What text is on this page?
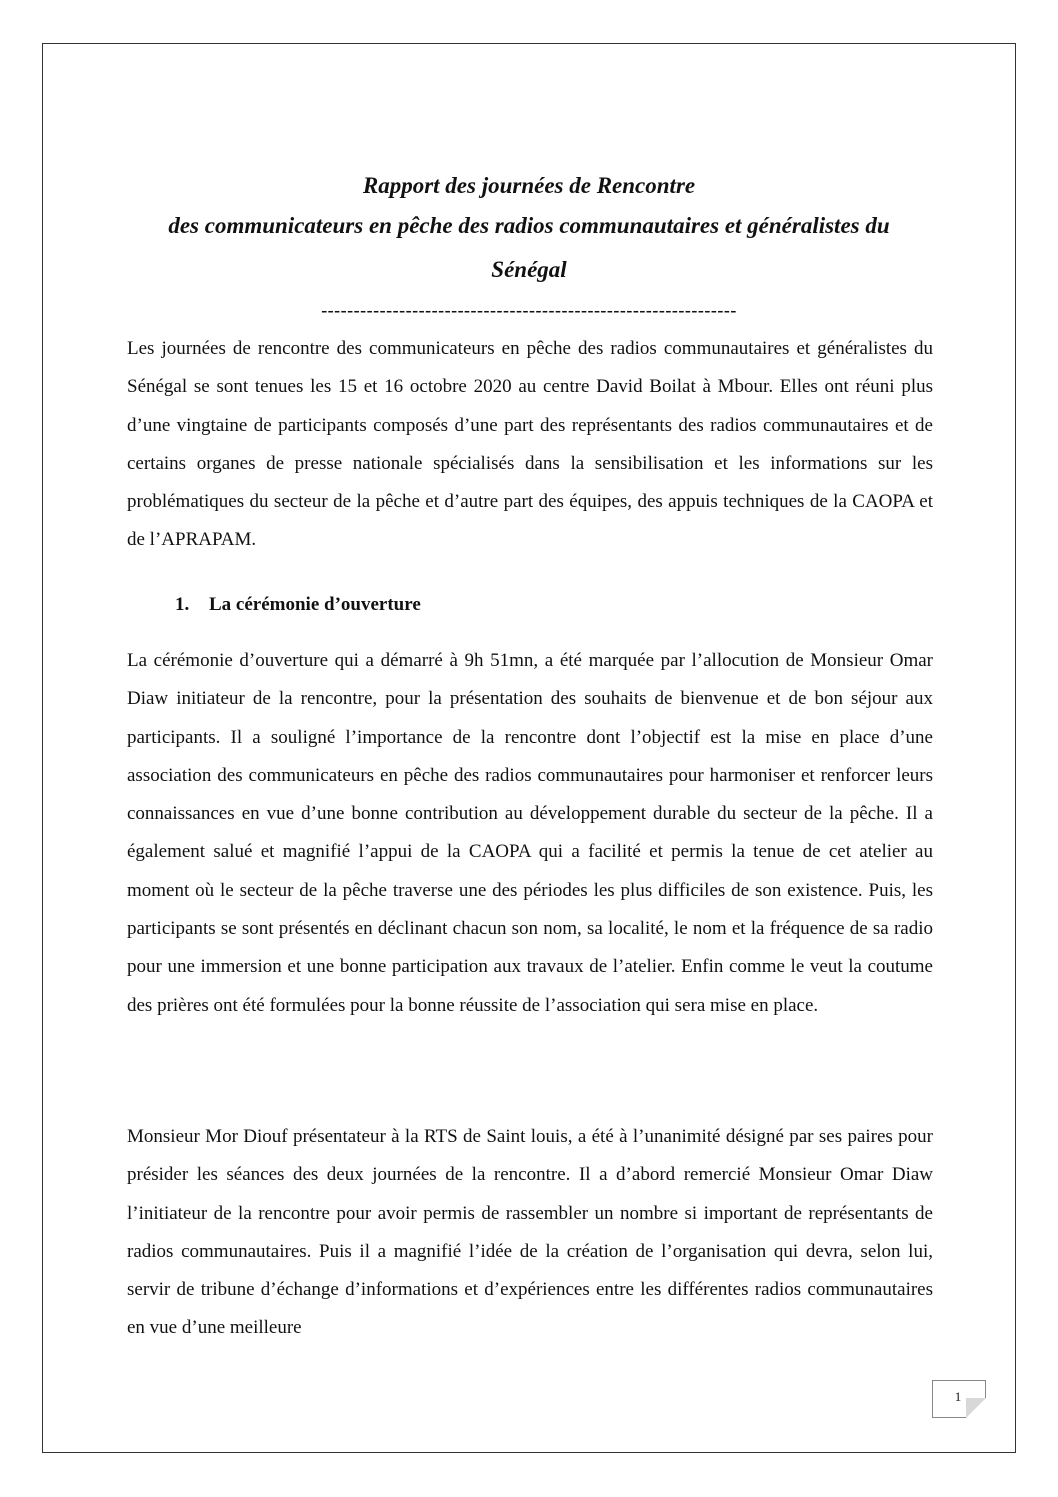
Rapport des journées de Rencontre
des communicateurs en pêche des radios communautaires et généralistes du
Sénégal
----------------------------------------------------------------

Les journées de rencontre des communicateurs en pêche des radios communautaires et généralistes du Sénégal se sont tenues les 15 et 16 octobre 2020 au centre David Boilat à Mbour. Elles ont réuni plus d’une vingtaine de participants composés d’une part des représentants des radios communautaires et de certains organes de presse nationale spécialisés dans la sensibilisation et les informations sur les problématiques du secteur de la pêche et d’autre part des équipes, des appuis techniques de la CAOPA et de l’APRAPAM.

1. La cérémonie d’ouverture

La cérémonie d’ouverture qui a démarré à 9h 51mn, a été marquée par l’allocution de Monsieur Omar Diaw initiateur de la rencontre, pour la présentation des souhaits de bienvenue et de bon séjour aux participants. Il a souligné l’importance de la rencontre dont l’objectif est la mise en place d’une association des communicateurs en pêche des radios communautaires pour harmoniser et renforcer leurs connaissances en vue d’une bonne contribution au développement durable du secteur de la pêche. Il a également salué et magnifié l’appui de la CAOPA qui a facilité et permis la tenue de cet atelier au moment où le secteur de la pêche traverse une des périodes les plus difficiles de son existence. Puis, les participants se sont présentés en déclinant chacun son nom, sa localité, le nom et la fréquence de sa radio pour une immersion et une bonne participation aux travaux de l’atelier. Enfin comme le veut la coutume des prières ont été formulées pour la bonne réussite de l’association qui sera mise en place.

Monsieur Mor Diouf présentateur à la RTS de Saint louis, a été à l’unanimité désigné par ses paires pour présider les séances des deux journées de la rencontre. Il a d’abord remercié Monsieur Omar Diaw l’initiateur de la rencontre pour avoir permis de rassembler un nombre si important de représentants de radios communautaires. Puis il a magnifié l’idée de la création de l’organisation qui devra, selon lui, servir de tribune d’échange d’informations et d’expériences entre les différentes radios communautaires en vue d’une meilleure

1
